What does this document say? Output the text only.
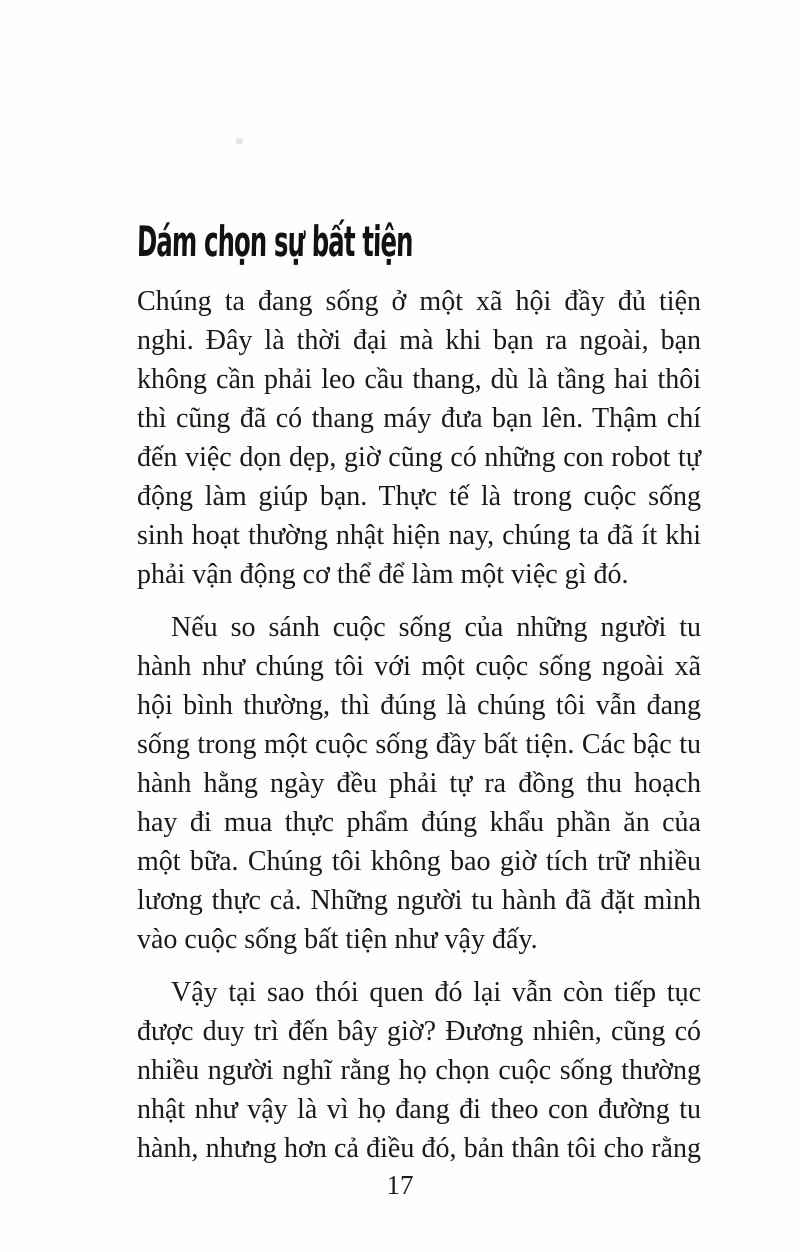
Dám chọn sự bất tiện

Chúng ta đang sống ở một xã hội đầy đủ tiện nghi. Đây là thời đại mà khi bạn ra ngoài, bạn không cần phải leo cầu thang, dù là tầng hai thôi thì cũng đã có thang máy đưa bạn lên. Thậm chí đến việc dọn dẹp, giờ cũng có những con robot tự động làm giúp bạn. Thực tế là trong cuộc sống sinh hoạt thường nhật hiện nay, chúng ta đã ít khi phải vận động cơ thể để làm một việc gì đó.

Nếu so sánh cuộc sống của những người tu hành như chúng tôi với một cuộc sống ngoài xã hội bình thường, thì đúng là chúng tôi vẫn đang sống trong một cuộc sống đầy bất tiện. Các bậc tu hành hằng ngày đều phải tự ra đồng thu hoạch hay đi mua thực phẩm đúng khẩu phần ăn của một bữa. Chúng tôi không bao giờ tích trữ nhiều lương thực cả. Những người tu hành đã đặt mình vào cuộc sống bất tiện như vậy đấy.

Vậy tại sao thói quen đó lại vẫn còn tiếp tục được duy trì đến bây giờ? Đương nhiên, cũng có nhiều người nghĩ rằng họ chọn cuộc sống thường nhật như vậy là vì họ đang đi theo con đường tu hành, nhưng hơn cả điều đó, bản thân tôi cho rằng

17
